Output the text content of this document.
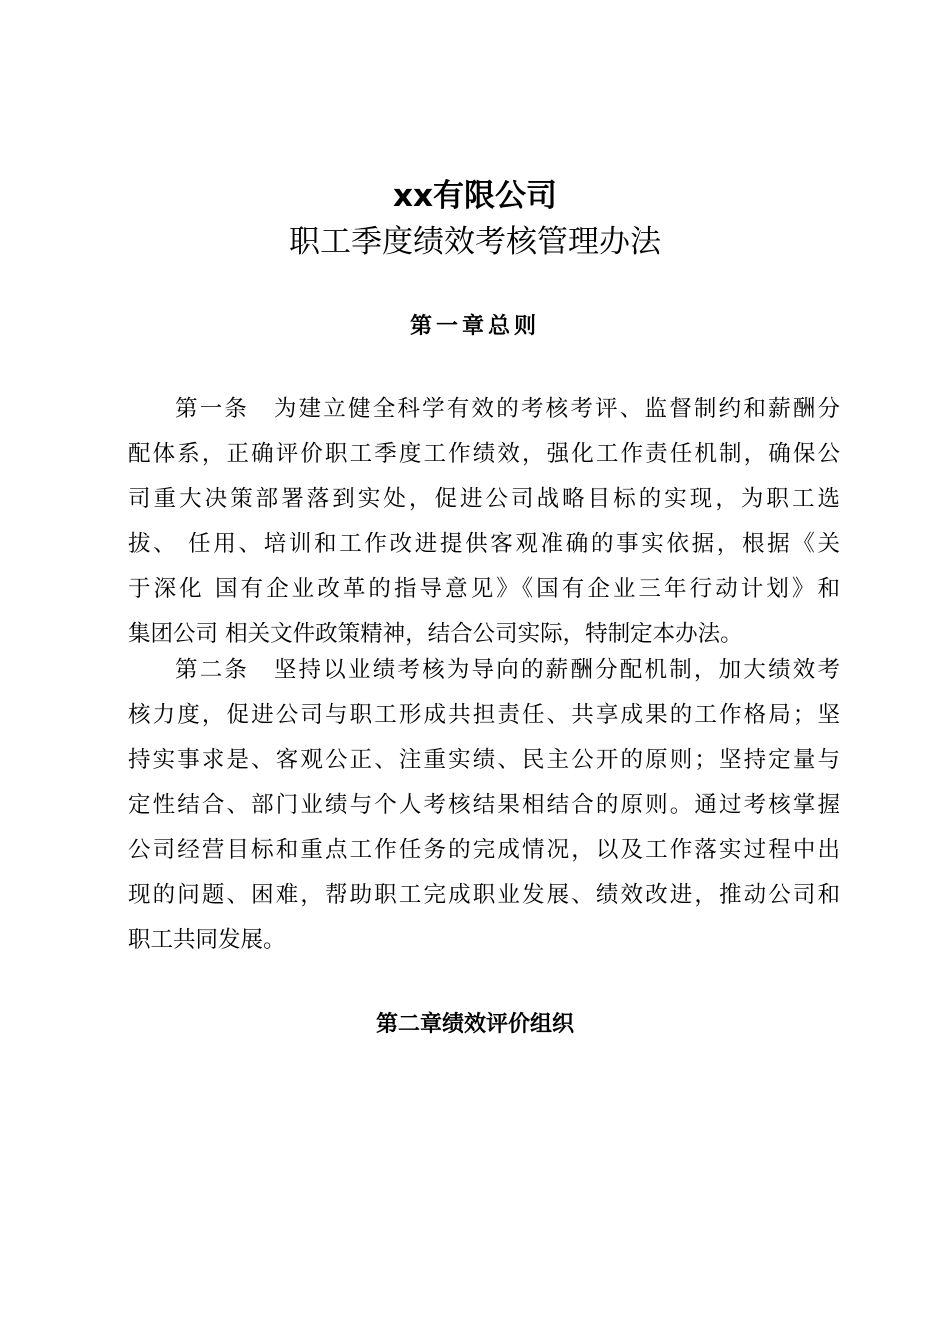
xx有限公司
职工季度绩效考核管理办法
第一章总则
第一条　为建立健全科学有效的考核考评、监督制约和薪酬分
配体系，正确评价职工季度工作绩效，强化工作责任机制，确保公
司重大决策部署落到实处，促进公司战略目标的实现，为职工选
拔、 任用、培训和工作改进提供客观准确的事实依据，根据《关
于深化 国有企业改革的指导意见》《国有企业三年行动计划》和
集团公司 相关文件政策精神，结合公司实际，特制定本办法。
第二条　坚持以业绩考核为导向的薪酬分配机制，加大绩效考
核力度，促进公司与职工形成共担责任、共享成果的工作格局；坚
持实事求是、客观公正、注重实绩、民主公开的原则；坚持定量与
定性结合、部门业绩与个人考核结果相结合的原则。通过考核掌握
公司经营目标和重点工作任务的完成情况，以及工作落实过程中出
现的问题、困难，帮助职工完成职业发展、绩效改进，推动公司和
职工共同发展。
第二章绩效评价组织
